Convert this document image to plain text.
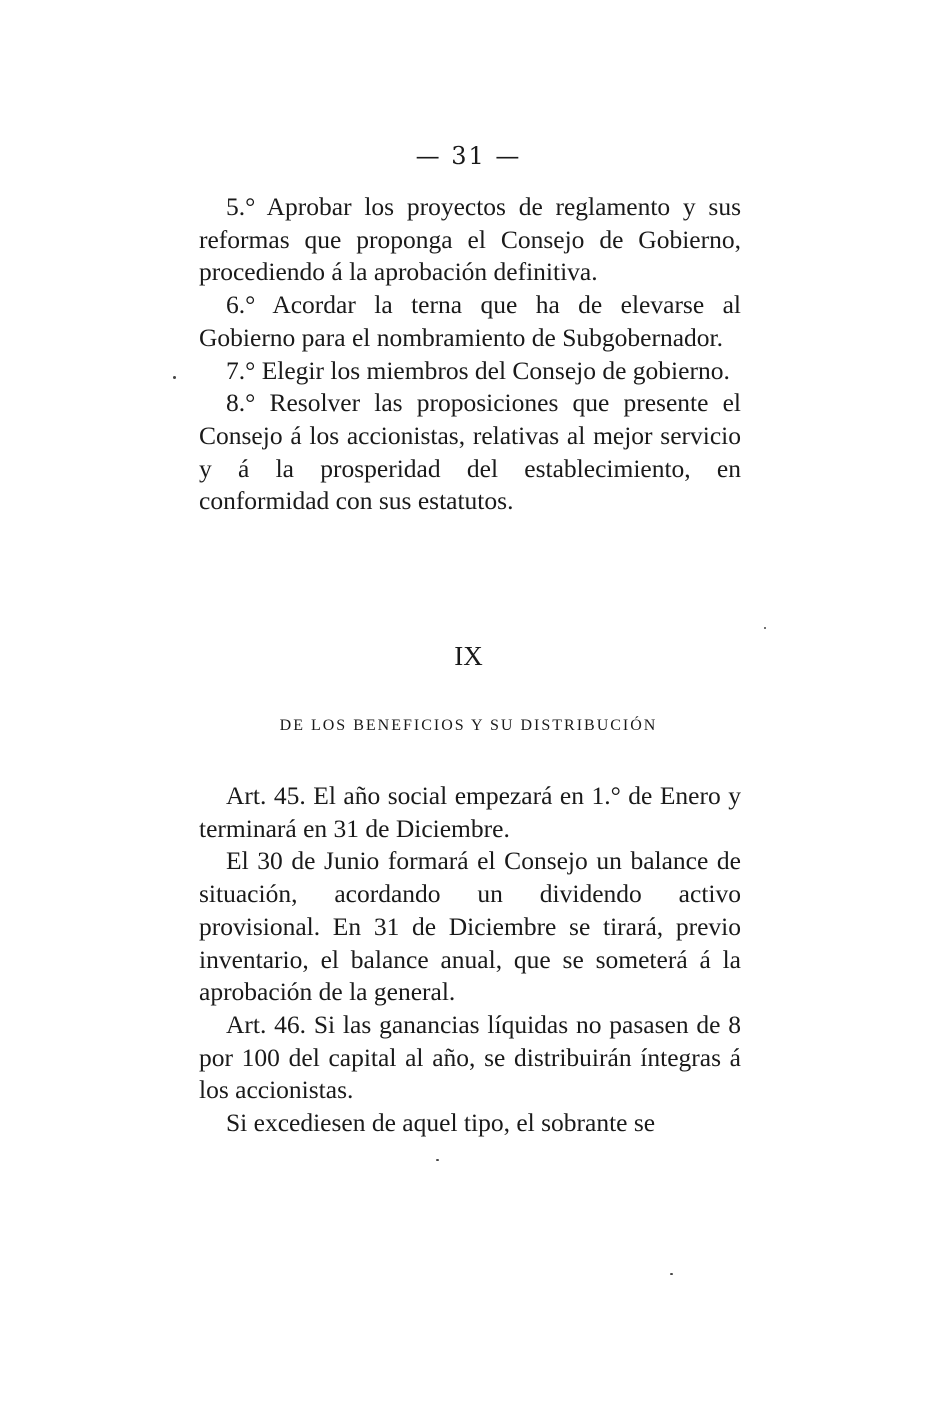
— 31 —

5.° Aprobar los proyectos de reglamento y sus reformas que proponga el Consejo de Gobierno, procediendo á la aprobación definitiva.

6.° Acordar la terna que ha de elevarse al Gobierno para el nombramiento de Subgobernador.

7.° Elegir los miembros del Consejo de gobierno.

8.° Resolver las proposiciones que presente el Consejo á los accionistas, relativas al mejor servicio y á la prosperidad del establecimiento, en conformidad con sus estatutos.

IX
DE LOS BENEFICIOS Y SU DISTRIBUCIÓN

Art. 45. El año social empezará en 1.° de Enero y terminará en 31 de Diciembre.

El 30 de Junio formará el Consejo un balance de situación, acordando un dividendo activo provisional. En 31 de Diciembre se tirará, previo inventario, el balance anual, que se someterá á la aprobación de la general.

Art. 46. Si las ganancias líquidas no pasasen de 8 por 100 del capital al año, se distribuirán íntegras á los accionistas.

Si excediesen de aquel tipo, el sobrante se
